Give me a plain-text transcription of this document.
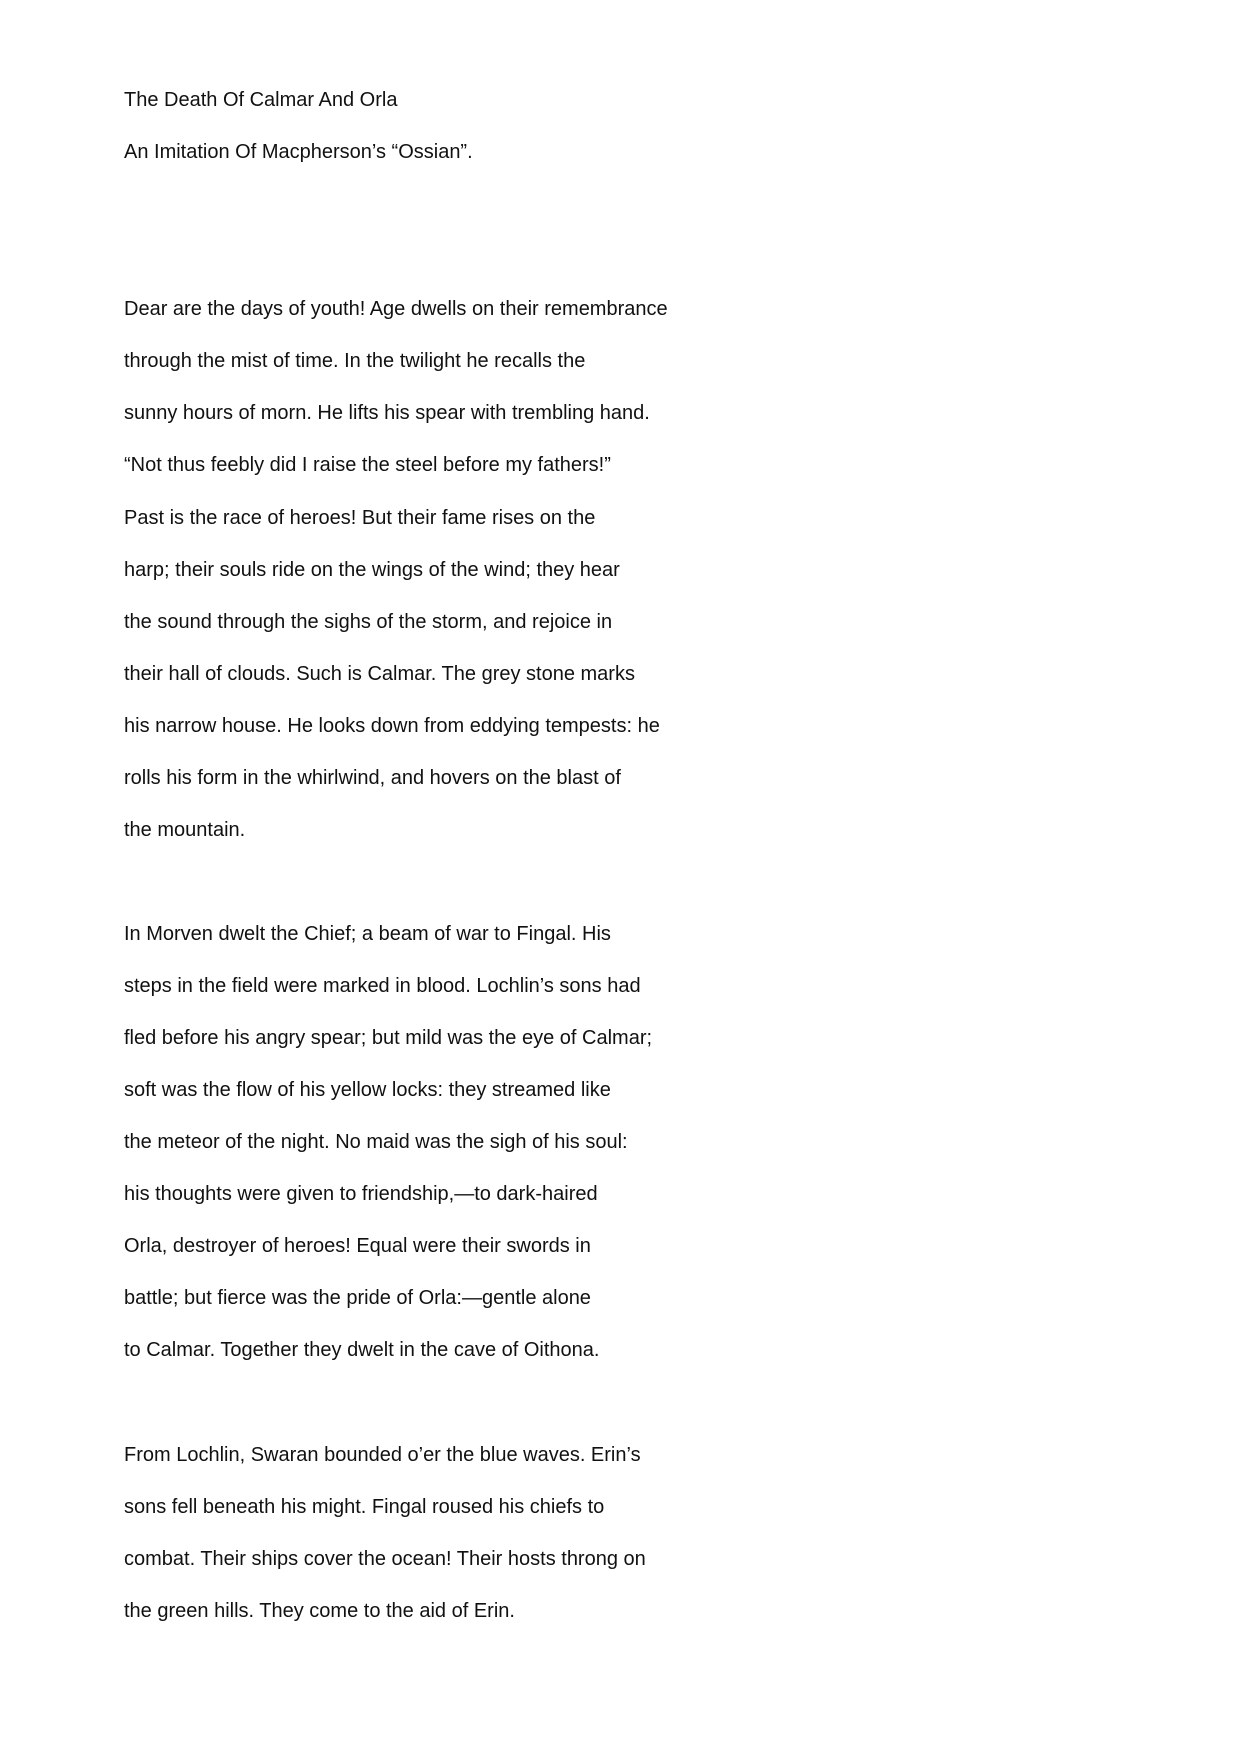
The Death Of Calmar And Orla
An Imitation Of Macpherson’s “Ossian”.
Dear are the days of youth! Age dwells on their remembrance
through the mist of time. In the twilight he recalls the
sunny hours of morn. He lifts his spear with trembling hand.
“Not thus feebly did I raise the steel before my fathers!”
Past is the race of heroes! But their fame rises on the
harp; their souls ride on the wings of the wind; they hear
the sound through the sighs of the storm, and rejoice in
their hall of clouds. Such is Calmar. The grey stone marks
his narrow house. He looks down from eddying tempests: he
rolls his form in the whirlwind, and hovers on the blast of
the mountain.
In Morven dwelt the Chief; a beam of war to Fingal. His
steps in the field were marked in blood. Lochlin’s sons had
fled before his angry spear; but mild was the eye of Calmar;
soft was the flow of his yellow locks: they streamed like
the meteor of the night. No maid was the sigh of his soul:
his thoughts were given to friendship,—to dark-haired
Orla, destroyer of heroes! Equal were their swords in
battle; but fierce was the pride of Orla:—gentle alone
to Calmar. Together they dwelt in the cave of Oithona.
From Lochlin, Swaran bounded o’er the blue waves. Erin’s
sons fell beneath his might. Fingal roused his chiefs to
combat. Their ships cover the ocean! Their hosts throng on
the green hills. They come to the aid of Erin.
